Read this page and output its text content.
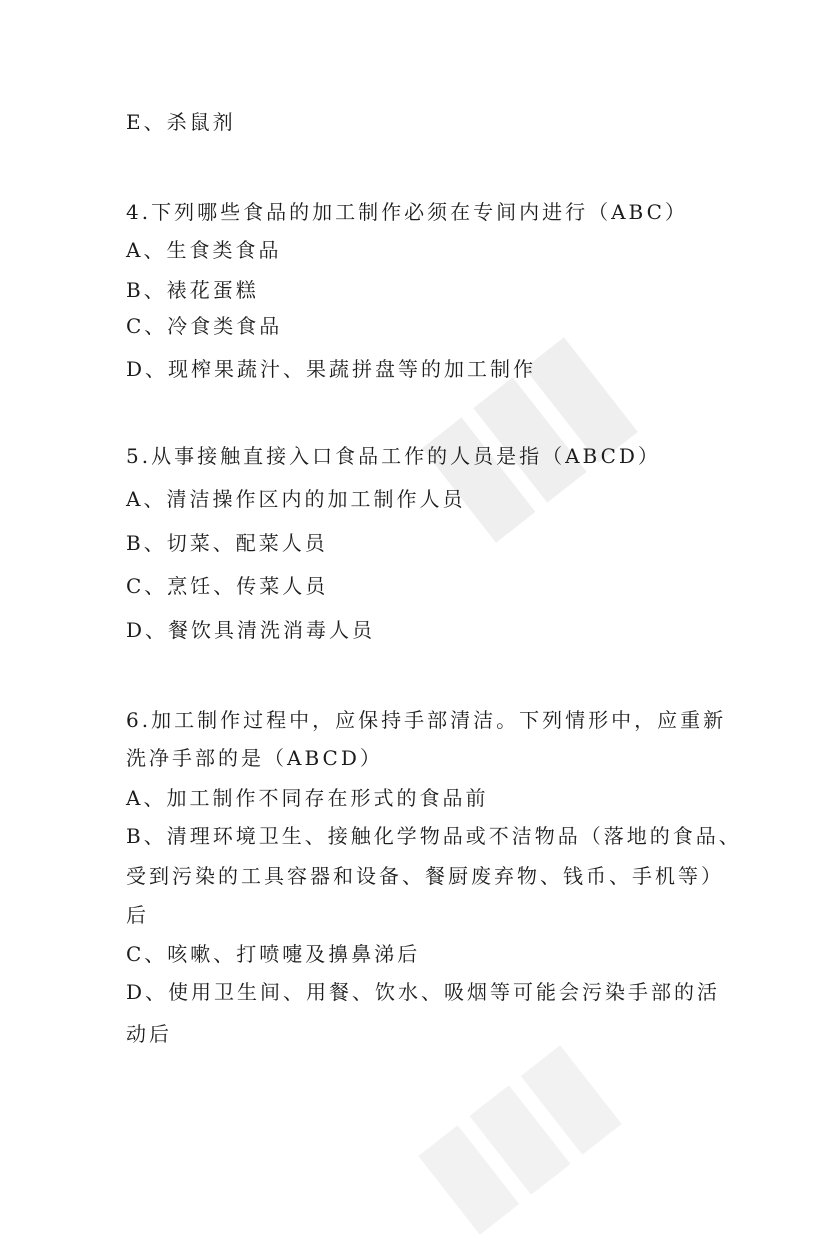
E、杀鼠剂
4.下列哪些食品的加工制作必须在专间内进行（ABC）
A、生食类食品
B、裱花蛋糕
C、冷食类食品
D、现榨果蔬汁、果蔬拼盘等的加工制作
5.从事接触直接入口食品工作的人员是指（ABCD）
A、清洁操作区内的加工制作人员
B、切菜、配菜人员
C、烹饪、传菜人员
D、餐饮具清洗消毒人员
6.加工制作过程中，应保持手部清洁。下列情形中，应重新
洗净手部的是（ABCD）
A、加工制作不同存在形式的食品前
B、清理环境卫生、接触化学物品或不洁物品（落地的食品、
受到污染的工具容器和设备、餐厨废弃物、钱币、手机等）
后
C、咳嗽、打喷嚏及擤鼻涕后
D、使用卫生间、用餐、饮水、吸烟等可能会污染手部的活
动后
